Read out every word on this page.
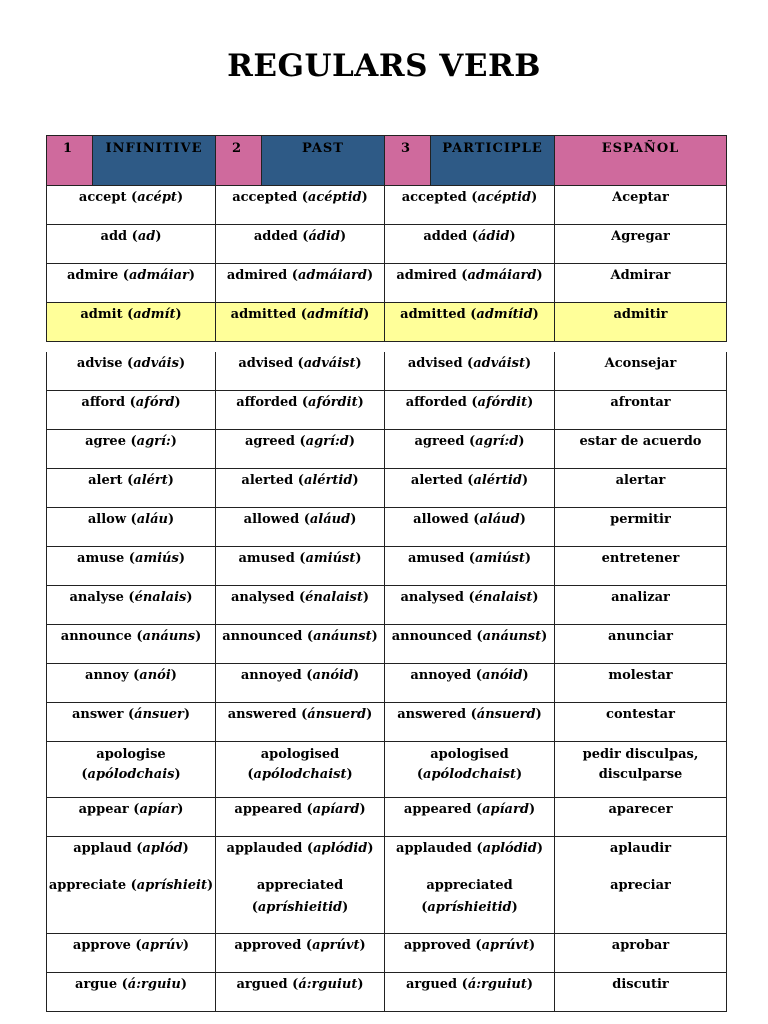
REGULARS VERB
1	INFINITIVE	2	PAST	3	PARTICIPLE	ESPAÑOL
accept (acépt)		accepted (acéptid)		accepted (acéptid)		Aceptar
add (ad)		added (ádid)		added (ádid)		Agregar
admire (admáiar)		admired (admáiard)		admired (admáiard)		Admirar
admit (admít)		admitted (admítid)		admitted (admítid)		admitir
advise (adváis)	advised (adváist)	advised (adváist)	Aconsejar
afford (afórd)	afforded (afórdit)	afforded (afórdit)	afrontar
agree (agrí:)	agreed (agrí:d)	agreed (agrí:d)	estar de acuerdo
alert (alért)	alerted (alértid)	alerted (alértid)	alertar
allow (aláu)	allowed (aláud)	allowed (aláud)	permitir
amuse (amiús)	amused (amiúst)	amused (amiúst)	entretener
analyse (énalais)	analysed (énalaist)	analysed (énalaist)	analizar
announce (anáuns)	announced (anáunst)	announced (anáunst)	anunciar
annoy (anói)	annoyed (anóid)	annoyed (anóid)	molestar
answer (ánsuer)	answered (ánsuerd)	answered (ánsuerd)	contestar
apologise (apólodchais)	apologised (apólodchaist)	apologised (apólodchaist)	pedir disculpas, disculparse
appear (apíar)	appeared (apíard)	appeared (apíard)	aparecer
applaud (aplód)	applauded (aplódid)	applauded (aplódid)	aplaudir
appreciate (apríshieit)	appreciated (apríshieitid)	appreciated (apríshieitid)	apreciar
approve (aprúv)	approved (aprúvt)	approved (aprúvt)	aprobar
argue (á:rguiu)	argued (á:rguiut)	argued (á:rguiut)	discutir
